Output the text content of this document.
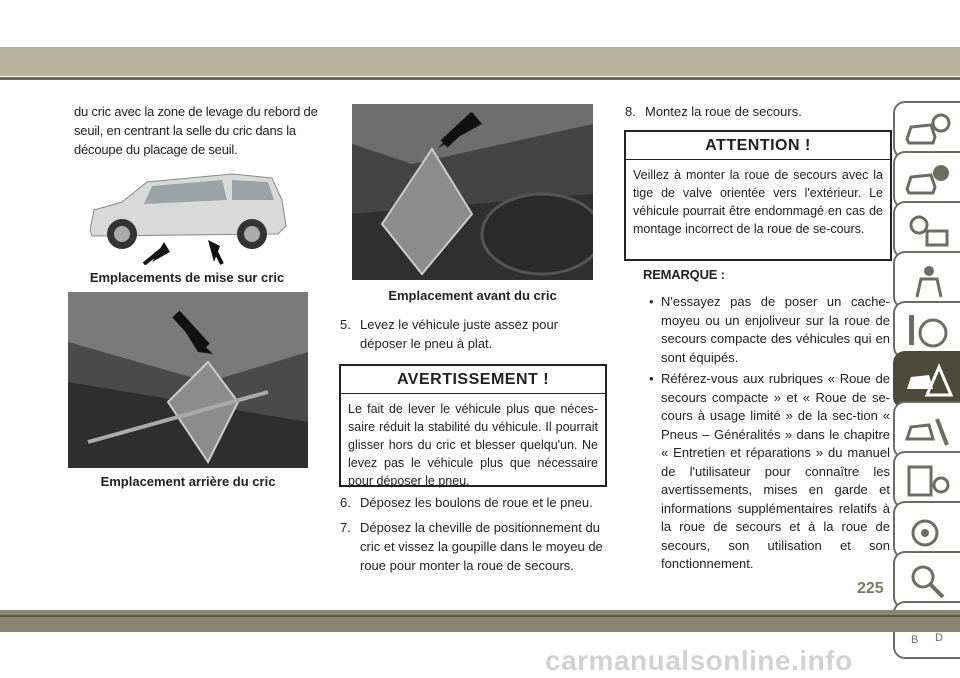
du cric avec la zone de levage du rebord de seuil, en centrant la selle du cric dans la découpe du placage de seuil.
Emplacements de mise sur cric
Emplacement arrière du cric
Emplacement avant du cric
5. Levez le véhicule juste assez pour déposer le pneu à plat.
AVERTISSEMENT !
Le fait de lever le véhicule plus que néces-saire réduit la stabilité du véhicule. Il pourrait glisser hors du cric et blesser quelqu'un. Ne levez pas le véhicule plus que nécessaire pour déposer le pneu.
6. Déposez les boulons de roue et le pneu.
7. Déposez la cheville de positionnement du cric et vissez la goupille dans le moyeu de roue pour monter la roue de secours.
8. Montez la roue de secours.
ATTENTION !
Veillez à monter la roue de secours avec la tige de valve orientée vers l'extérieur. Le véhicule pourrait être endommagé en cas de montage incorrect de la roue de se-cours.
REMARQUE :
• N'essayez pas de poser un cache-moyeu ou un enjoliveur sur la roue de secours compacte des véhicules qui en sont équipés.
• Référez-vous aux rubriques « Roue de secours compacte » et « Roue de se-cours à usage limité » de la sec-tion « Pneus – Généralités » dans le chapitre « Entretien et réparations » du manuel de l'utilisateur pour connaître les avertissements, mises en garde et informations supplémentaires relatifs à la roue de secours et à la roue de secours, son utilisation et son fonctionnement.
B D
225
carmanualsonline.info
